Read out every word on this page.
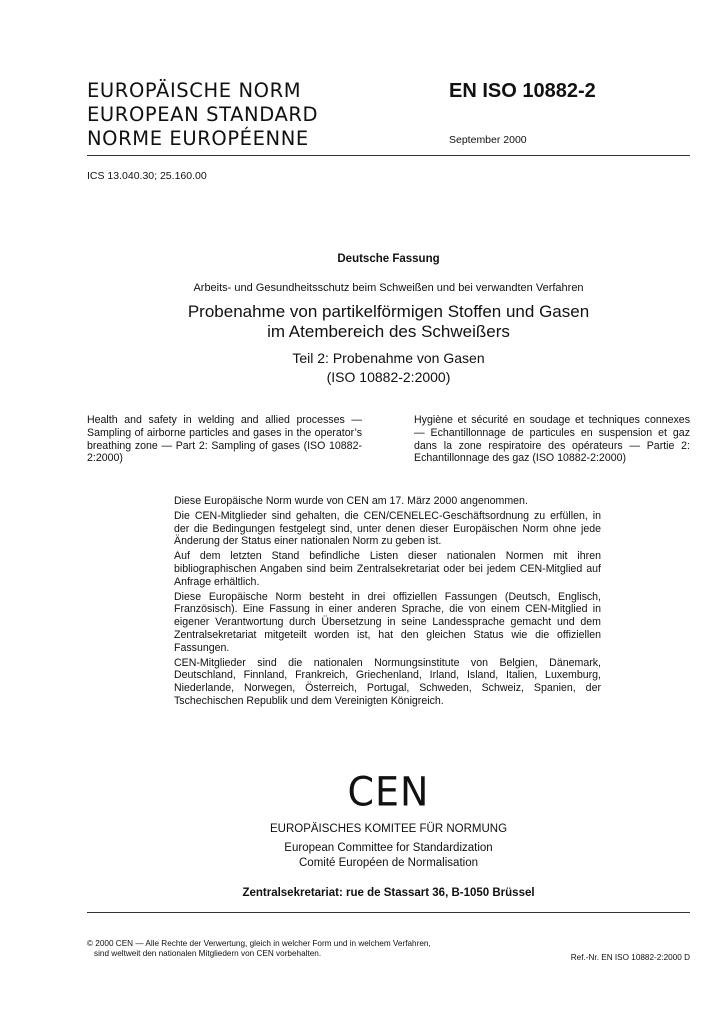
EUROPÄISCHE NORM
EUROPEAN STANDARD
NORME EUROPÉENNE
EN ISO 10882-2
September 2000
ICS 13.040.30; 25.160.00
Deutsche Fassung
Arbeits- und Gesundheitsschutz beim Schweißen und bei verwandten Verfahren
Probenahme von partikelförmigen Stoffen und Gasen
im Atembereich des Schweißers
Teil 2: Probenahme von Gasen
(ISO 10882-2:2000)
Health and safety in welding and allied processes — Sampling of airborne particles and gases in the operator’s breathing zone — Part 2: Sampling of gases (ISO 10882-2:2000)
Hygiène et sécurité en soudage et techniques connexes — Echantillonnage de particules en suspension et gaz dans la zone respiratoire des opérateurs — Partie 2: Echantillonnage des gaz (ISO 10882-2:2000)

Diese Europäische Norm wurde von CEN am 17. März 2000 angenommen.

Die CEN-Mitglieder sind gehalten, die CEN/CENELEC-Geschäftsordnung zu erfüllen, in der die Bedingungen festgelegt sind, unter denen dieser Europäischen Norm ohne jede Änderung der Status einer nationalen Norm zu geben ist.

Auf dem letzten Stand befindliche Listen dieser nationalen Normen mit ihren bibliographischen Angaben sind beim Zentralsekretariat oder bei jedem CEN-Mitglied auf Anfrage erhältlich.

Diese Europäische Norm besteht in drei offiziellen Fassungen (Deutsch, Englisch, Französisch). Eine Fassung in einer anderen Sprache, die von einem CEN-Mitglied in eigener Verantwortung durch Übersetzung in seine Landessprache gemacht und dem Zentralsekretariat mitgeteilt worden ist, hat den gleichen Status wie die offiziellen Fassungen.

CEN-Mitglieder sind die nationalen Normungsinstitute von Belgien, Dänemark, Deutschland, Finnland, Frankreich, Griechenland, Irland, Island, Italien, Luxemburg, Niederlande, Norwegen, Österreich, Portugal, Schweden, Schweiz, Spanien, der Tschechischen Republik und dem Vereinigten Königreich.

CEN
EUROPÄISCHES KOMITEE FÜR NORMUNG
European Committee for Standardization
Comité Européen de Normalisation
Zentralsekretariat: rue de Stassart 36, B-1050 Brüssel
© 2000 CEN — Alle Rechte der Verwertung, gleich in welcher Form und in welchem Verfahren,
sind weltweit den nationalen Mitgliedern von CEN vorbehalten.	Ref.-Nr. EN ISO 10882-2:2000 D
